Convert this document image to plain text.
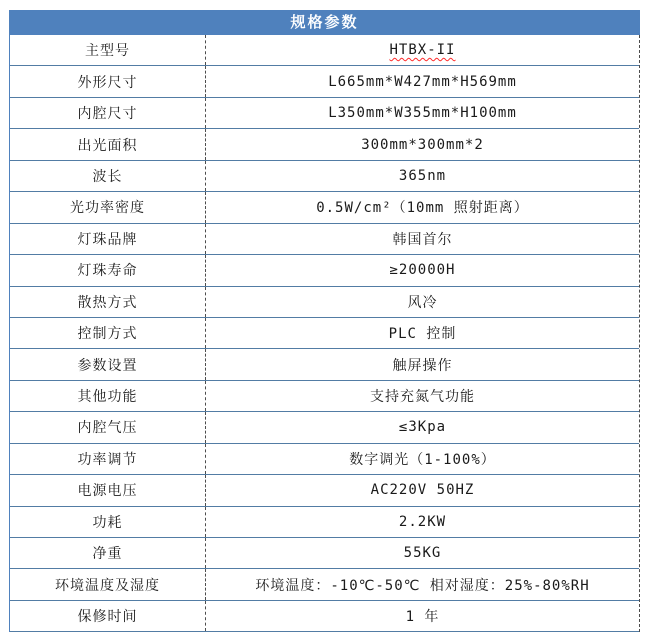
规格参数
主型号	HTBX-II
外形尺寸	L665mm*W427mm*H569mm
内腔尺寸	L350mm*W355mm*H100mm
出光面积	300mm*300mm*2
波长	365nm
光功率密度	0.5W/cm²（10mm 照射距离）
灯珠品牌	韩国首尔
灯珠寿命	≥20000H
散热方式	风冷
控制方式	PLC 控制
参数设置	触屏操作
其他功能	支持充氮气功能
内腔气压	≤3Kpa
功率调节	数字调光（1-100%）
电源电压	AC220V 50HZ
功耗	2.2KW
净重	55KG
环境温度及湿度	环境温度：-10℃-50℃ 相对湿度：25%-80%RH
保修时间	1 年
